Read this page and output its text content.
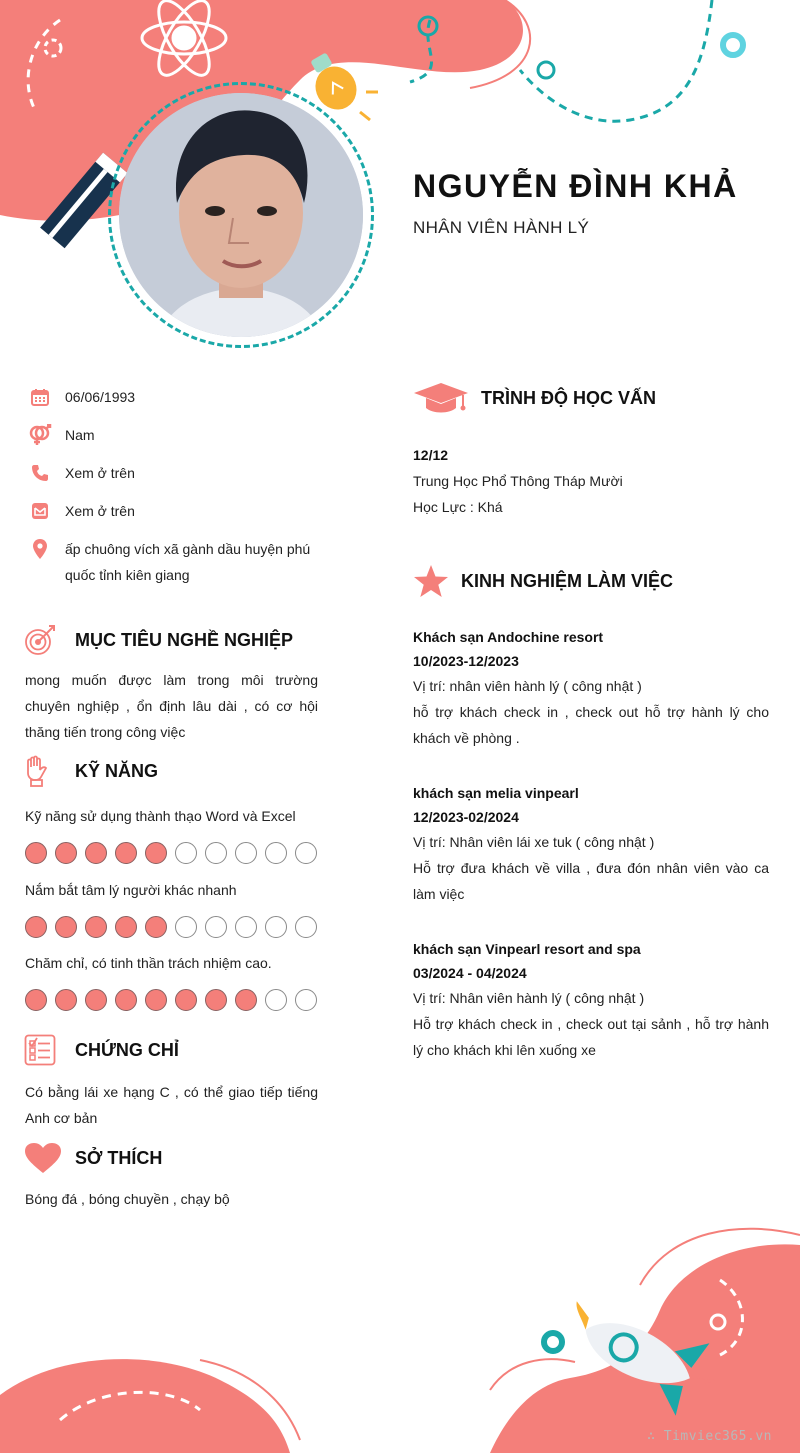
NGUYỄN ĐÌNH KHẢ
NHÂN VIÊN HÀNH LÝ
06/06/1993
Nam
Xem ở trên
Xem ở trên
ấp chuông vích xã gành dầu huyện phú quốc tỉnh kiên giang
MỤC TIÊU NGHỀ NGHIỆP
mong muốn được làm trong môi trường chuyên nghiệp , ổn định lâu dài , có cơ hội thăng tiến trong công việc
KỸ NĂNG
Kỹ năng sử dụng thành thạo Word và Excel
Nắm bắt tâm lý người khác nhanh
Chăm chỉ, có tinh thần trách nhiệm cao.
CHỨNG CHỈ
Có bằng lái xe hạng C , có thể giao tiếp tiếng Anh cơ bản
SỞ THÍCH
Bóng đá , bóng chuyền , chạy bộ
TRÌNH ĐỘ HỌC VẤN
12/12
Trung Học Phổ Thông Tháp Mười
Học Lực : Khá
KINH NGHIỆM LÀM VIỆC
Khách sạn Andochine resort
10/2023-12/2023
Vị trí: nhân viên hành lý ( công nhật )
hỗ trợ khách check in , check out hỗ trợ hành lý cho khách về phòng .
khách sạn melia vinpearl
12/2023-02/2024
Vị trí: Nhân viên lái xe tuk ( công nhật )
Hỗ trợ đưa khách về villa , đưa đón nhân viên vào ca làm việc
khách sạn Vinpearl resort and spa
03/2024 - 04/2024
Vị trí: Nhân viên hành lý ( công nhật )
Hỗ trợ khách check in , check out tại sảnh , hỗ trợ hành lý cho khách khi lên xuống xe
∴ Timviec365.vn
